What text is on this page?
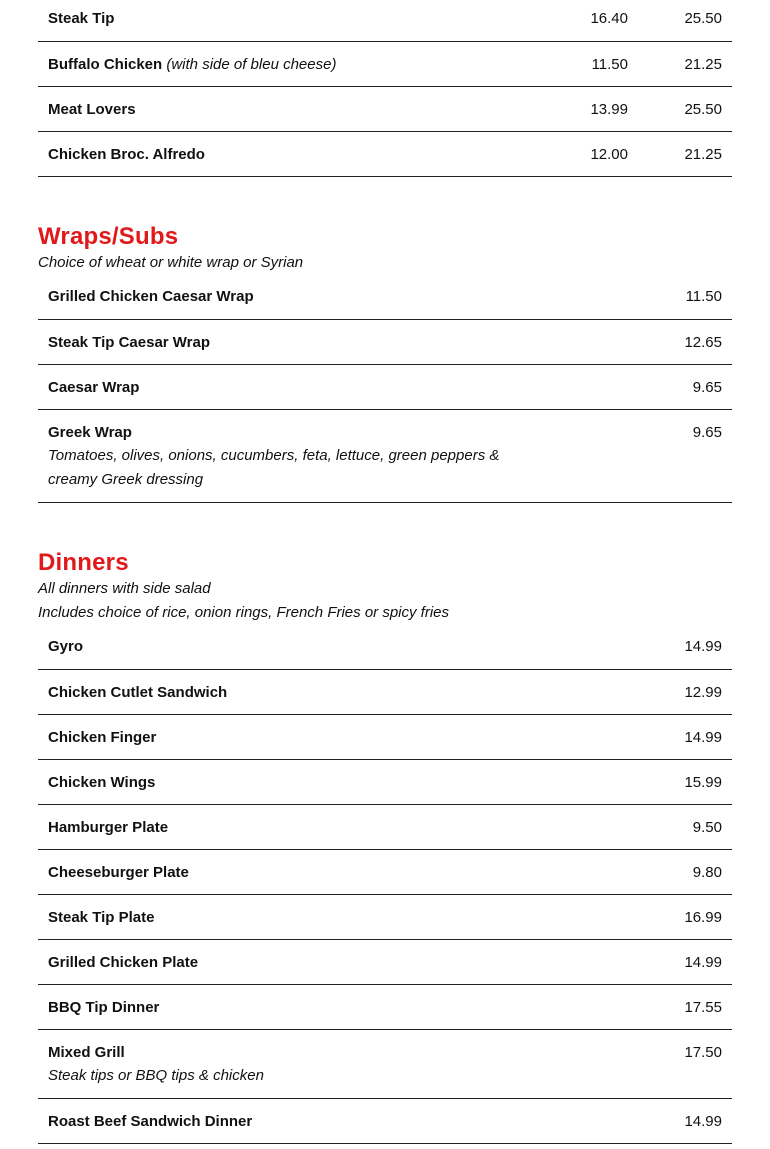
Steak Tip	16.40	25.50
Buffalo Chicken (with side of bleu cheese)	11.50	21.25
Meat Lovers	13.99	25.50
Chicken Broc. Alfredo	12.00	21.25
Wraps/Subs
Choice of wheat or white wrap or Syrian
Grilled Chicken Caesar Wrap	11.50
Steak Tip Caesar Wrap	12.65
Caesar Wrap	9.65
Greek Wrap	9.65
Tomatoes, olives, onions, cucumbers, feta, lettuce, green peppers &
creamy Greek dressing
Dinners
All dinners with side salad
Includes choice of rice, onion rings, French Fries or spicy fries
Gyro	14.99
Chicken Cutlet Sandwich	12.99
Chicken Finger	14.99
Chicken Wings	15.99
Hamburger Plate	9.50
Cheeseburger Plate	9.80
Steak Tip Plate	16.99
Grilled Chicken Plate	14.99
BBQ Tip Dinner	17.55
Mixed Grill	17.50
Steak tips or BBQ tips & chicken
Roast Beef Sandwich Dinner	14.99
